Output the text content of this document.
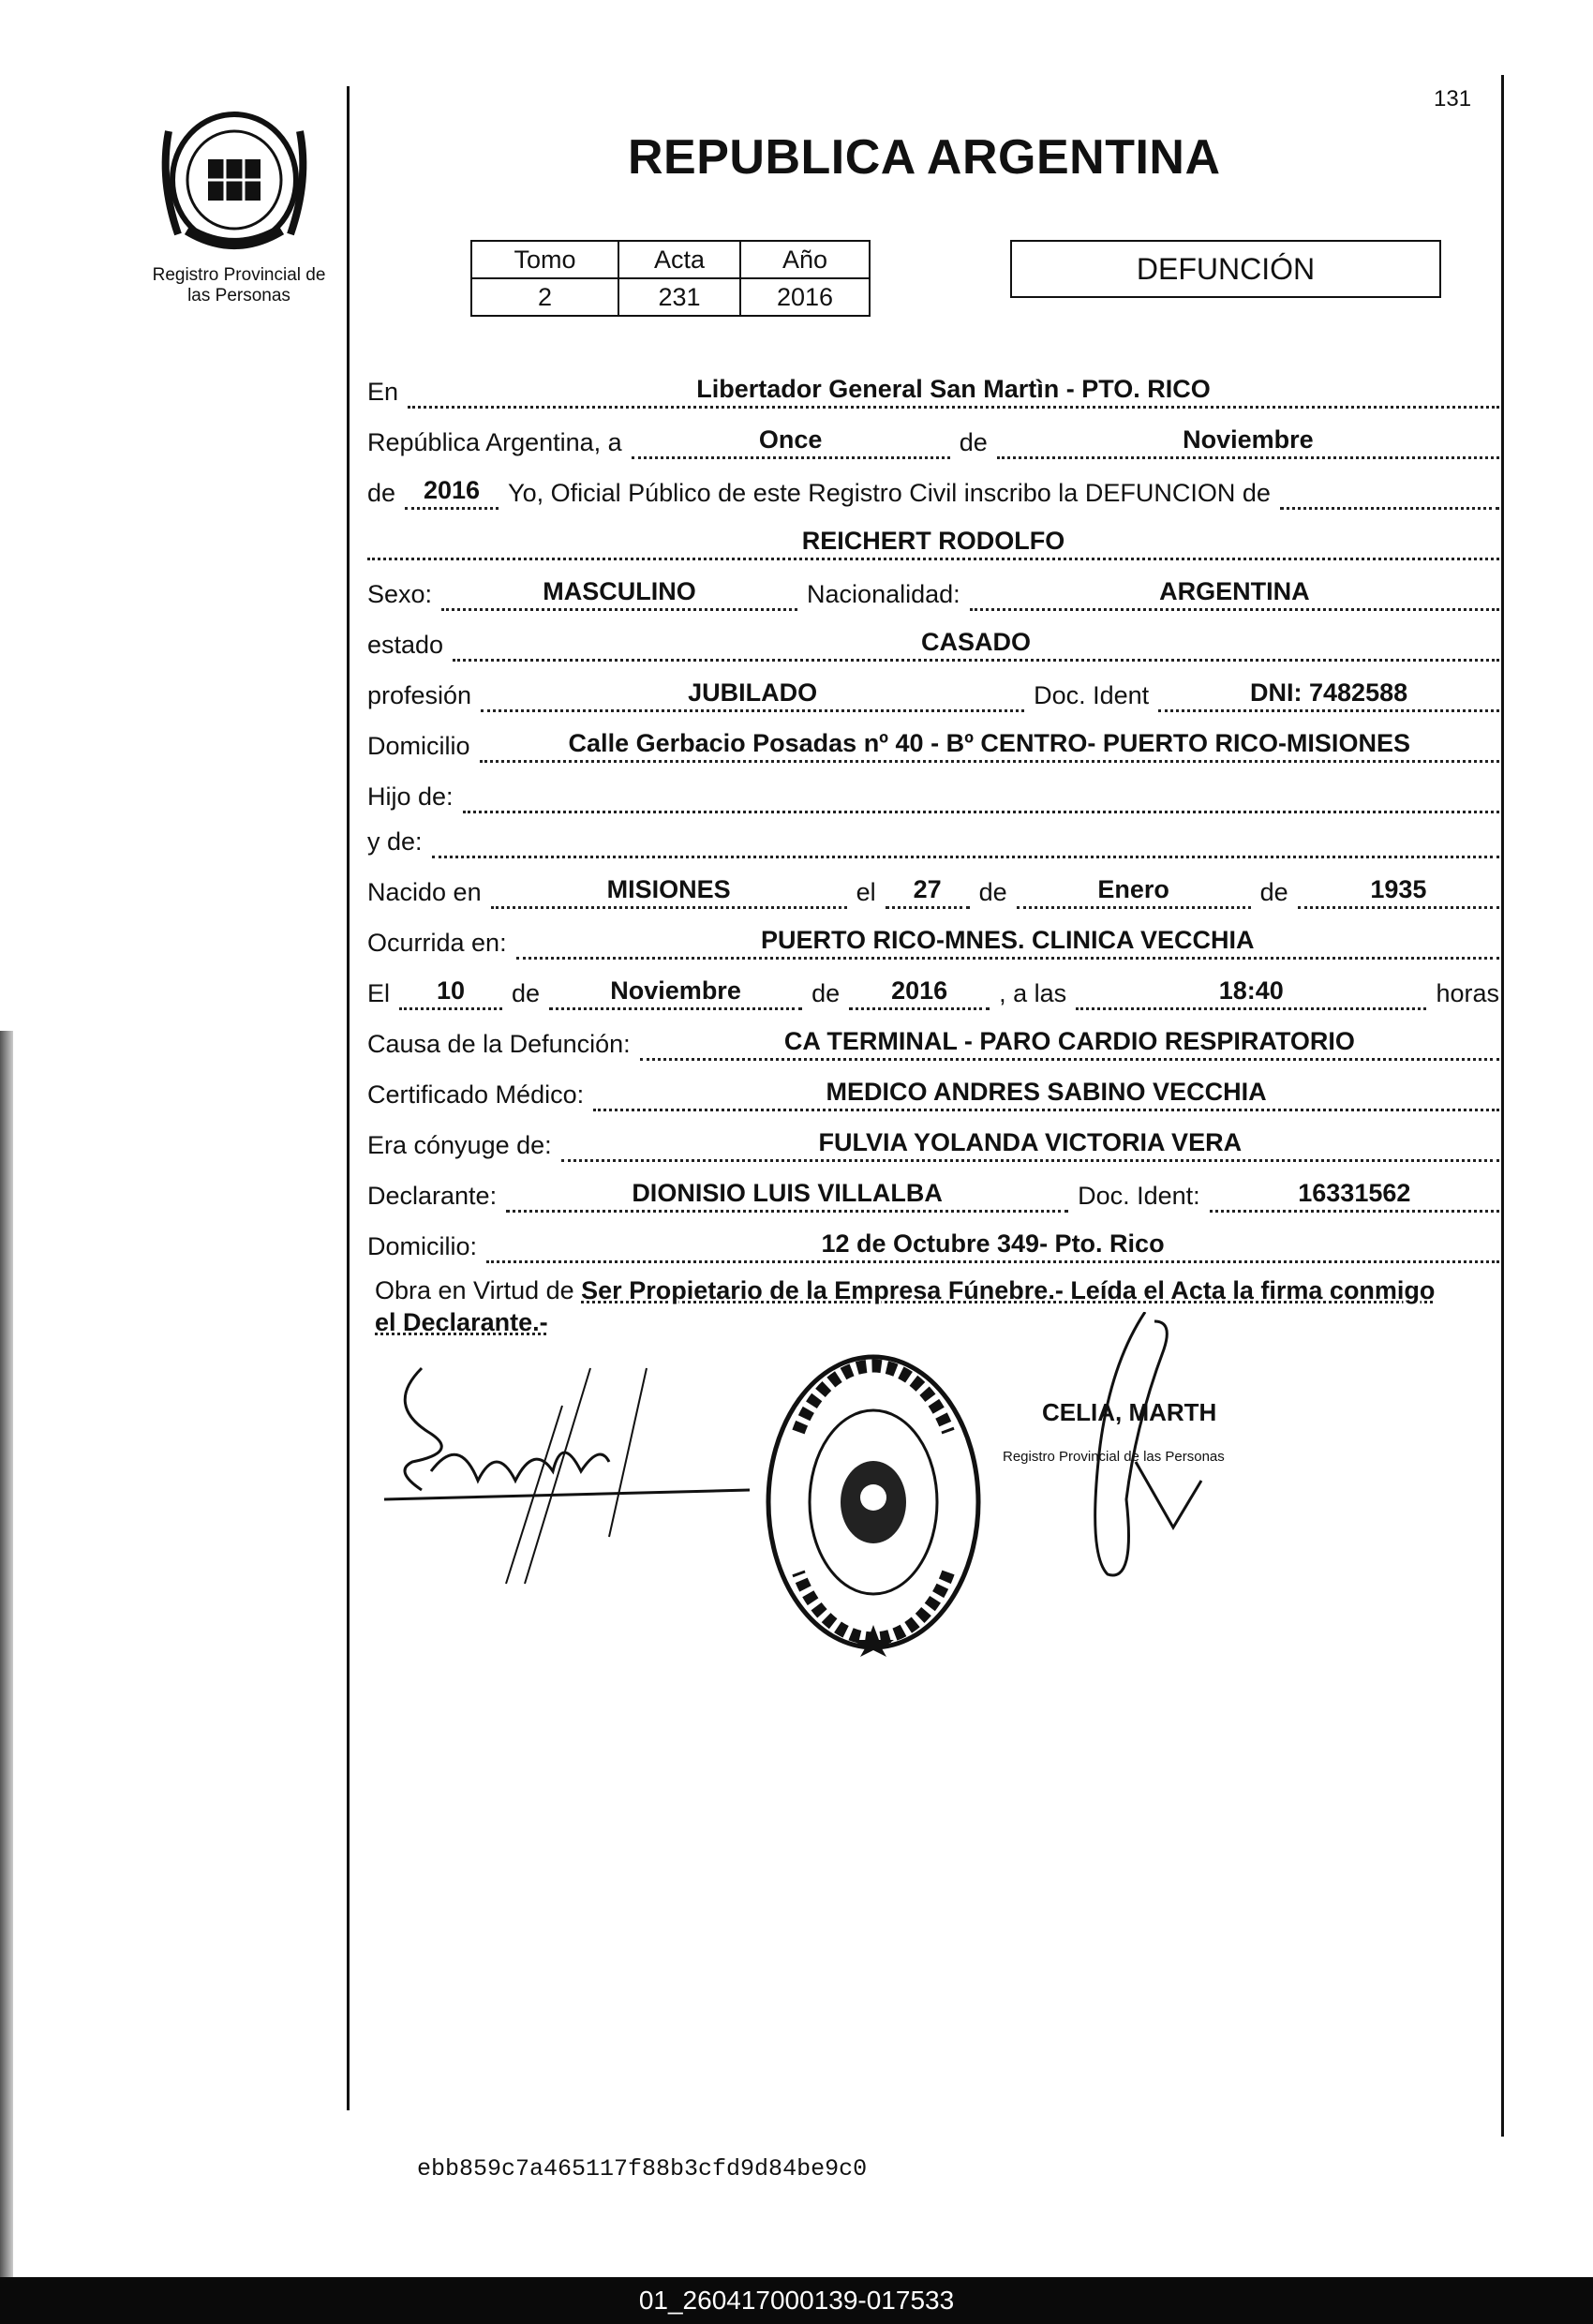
Registro Provincial de
las Personas
131
REPUBLICA ARGENTINA
Tomo	Acta	Año
2	231	2016
DEFUNCIÓN
En	Libertador General San Martìn - PTO. RICO
República Argentina, a	Once	de	Noviembre
de	2016	Yo, Oficial Público de este Registro Civil inscribo la DEFUNCION de
REICHERT RODOLFO
Sexo:	MASCULINO	Nacionalidad:	ARGENTINA
estado	CASADO
profesión	JUBILADO	Doc. Ident	DNI: 7482588
Domicilio	Calle Gerbacio Posadas nº 40 - Bº CENTRO- PUERTO RICO-MISIONES
Hijo de:
y de:
Nacido en	MISIONES	el	27	de	Enero	de	1935
Ocurrida en:	PUERTO RICO-MNES. CLINICA VECCHIA
El	10	de	Noviembre	de	2016	, a las	18:40	horas
Causa de la Defunción:	CA TERMINAL - PARO CARDIO RESPIRATORIO
Certificado Médico:	MEDICO ANDRES SABINO VECCHIA
Era cónyuge de:	FULVIA YOLANDA VICTORIA VERA
Declarante:	DIONISIO LUIS VILLALBA	Doc. Ident:	16331562
Domicilio:	12 de Octubre 349- Pto. Rico
Obra en Virtud de Ser Propietario de la Empresa Fúnebre.- Leída el Acta la firma conmigo
el Declarante.-
CELIA, MARTH
Registro Provincial de las Personas
ebb859c7a465117f88b3cfd9d84be9c0
01_260417000139-017533
